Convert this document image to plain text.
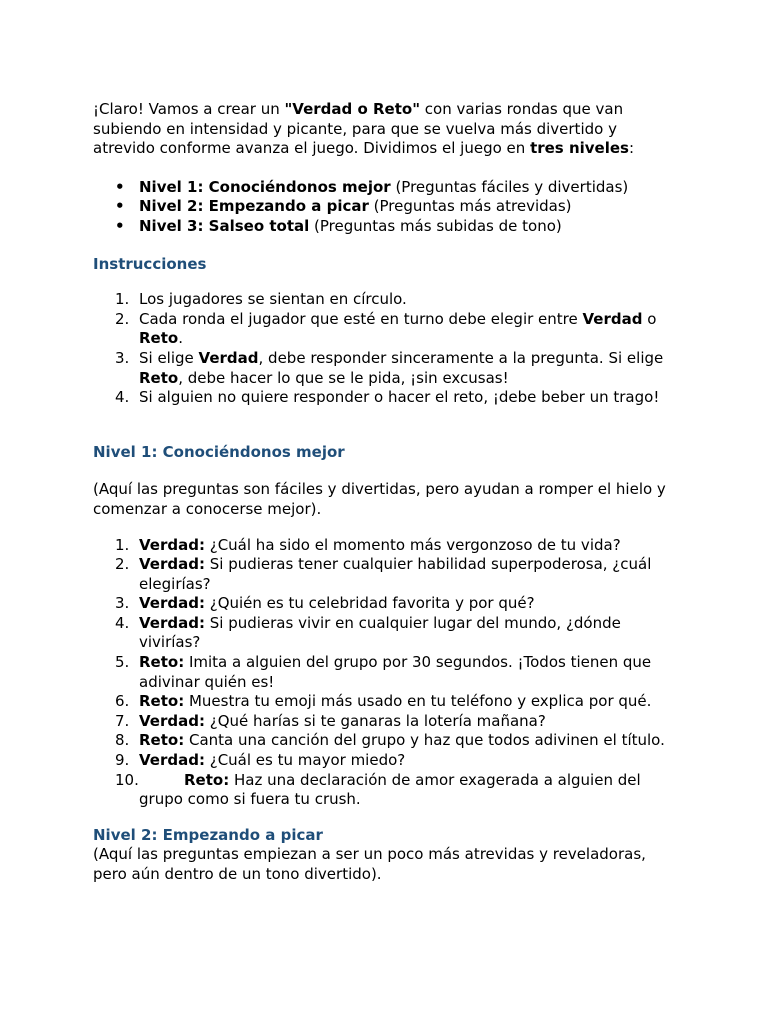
¡Claro! Vamos a crear un "Verdad o Reto" con varias rondas que van subiendo en intensidad y picante, para que se vuelva más divertido y atrevido conforme avanza el juego. Dividimos el juego en tres niveles:

• Nivel 1: Conociéndonos mejor (Preguntas fáciles y divertidas)
• Nivel 2: Empezando a picar (Preguntas más atrevidas)
• Nivel 3: Salseo total (Preguntas más subidas de tono)

Instrucciones

1. Los jugadores se sientan en círculo.
2. Cada ronda el jugador que esté en turno debe elegir entre Verdad o Reto.
3. Si elige Verdad, debe responder sinceramente a la pregunta. Si elige Reto, debe hacer lo que se le pida, ¡sin excusas!
4. Si alguien no quiere responder o hacer el reto, ¡debe beber un trago!

Nivel 1: Conociéndonos mejor

(Aquí las preguntas son fáciles y divertidas, pero ayudan a romper el hielo y comenzar a conocerse mejor).

1. Verdad: ¿Cuál ha sido el momento más vergonzoso de tu vida?
2. Verdad: Si pudieras tener cualquier habilidad superpoderosa, ¿cuál elegirías?
3. Verdad: ¿Quién es tu celebridad favorita y por qué?
4. Verdad: Si pudieras vivir en cualquier lugar del mundo, ¿dónde vivirías?
5. Reto: Imita a alguien del grupo por 30 segundos. ¡Todos tienen que adivinar quién es!
6. Reto: Muestra tu emoji más usado en tu teléfono y explica por qué.
7. Verdad: ¿Qué harías si te ganaras la lotería mañana?
8. Reto: Canta una canción del grupo y haz que todos adivinen el título.
9. Verdad: ¿Cuál es tu mayor miedo?
10.	Reto: Haz una declaración de amor exagerada a alguien del grupo como si fuera tu crush.

Nivel 2: Empezando a picar

(Aquí las preguntas empiezan a ser un poco más atrevidas y reveladoras, pero aún dentro de un tono divertido).
